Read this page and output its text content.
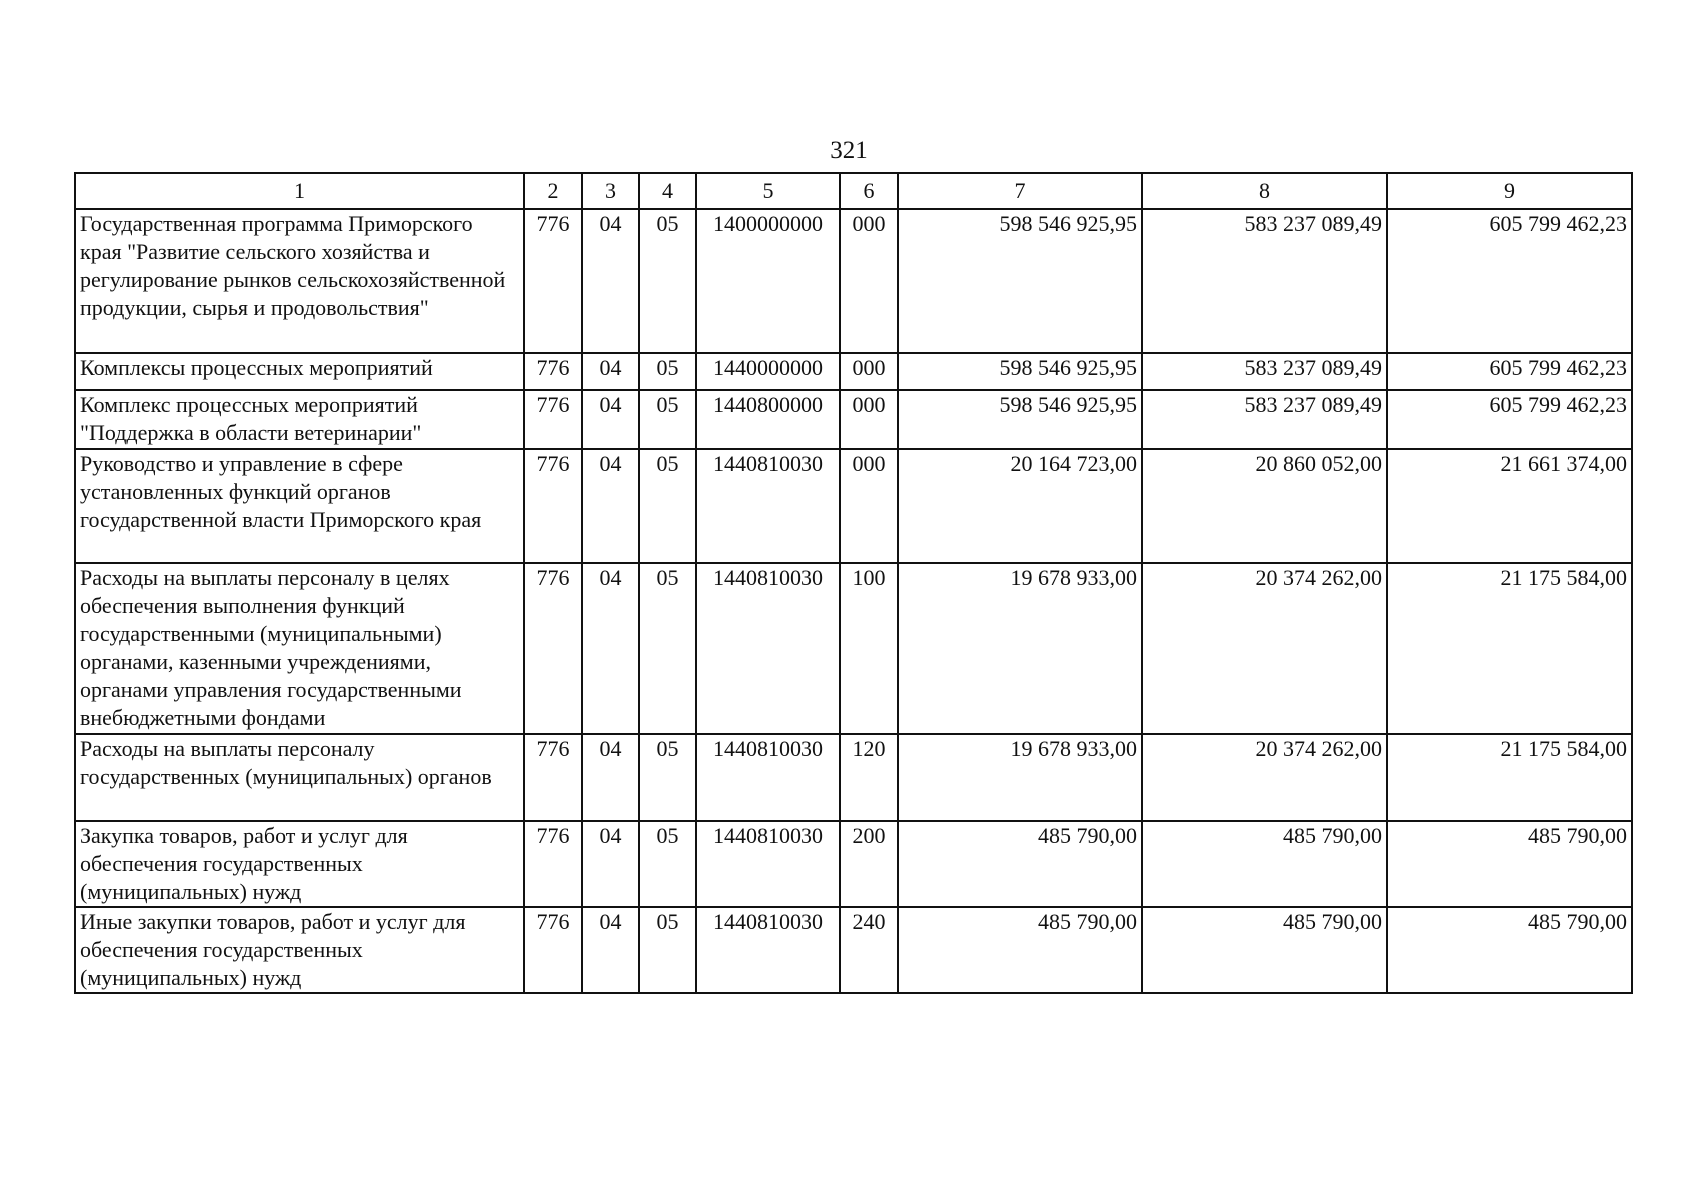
321
1	2	3	4	5	6	7	8	9
Государственная программа Приморского края "Развитие сельского хозяйства и регулирование рынков сельскохозяйственной продукции, сырья и продовольствия"	776	04	05	1400000000	000	598 546 925,95	583 237 089,49	605 799 462,23
Комплексы процессных мероприятий	776	04	05	1440000000	000	598 546 925,95	583 237 089,49	605 799 462,23
Комплекс процессных мероприятий "Поддержка в области ветеринарии"	776	04	05	1440800000	000	598 546 925,95	583 237 089,49	605 799 462,23
Руководство и управление в сфере установленных функций органов государственной власти Приморского края	776	04	05	1440810030	000	20 164 723,00	20 860 052,00	21 661 374,00
Расходы на выплаты персоналу в целях обеспечения выполнения функций государственными (муниципальными) органами, казенными учреждениями, органами управления государственными внебюджетными фондами	776	04	05	1440810030	100	19 678 933,00	20 374 262,00	21 175 584,00
Расходы на выплаты персоналу государственных (муниципальных) органов	776	04	05	1440810030	120	19 678 933,00	20 374 262,00	21 175 584,00
Закупка товаров, работ и услуг для обеспечения государственных (муниципальных) нужд	776	04	05	1440810030	200	485 790,00	485 790,00	485 790,00
Иные закупки товаров, работ и услуг для обеспечения государственных (муниципальных) нужд	776	04	05	1440810030	240	485 790,00	485 790,00	485 790,00
